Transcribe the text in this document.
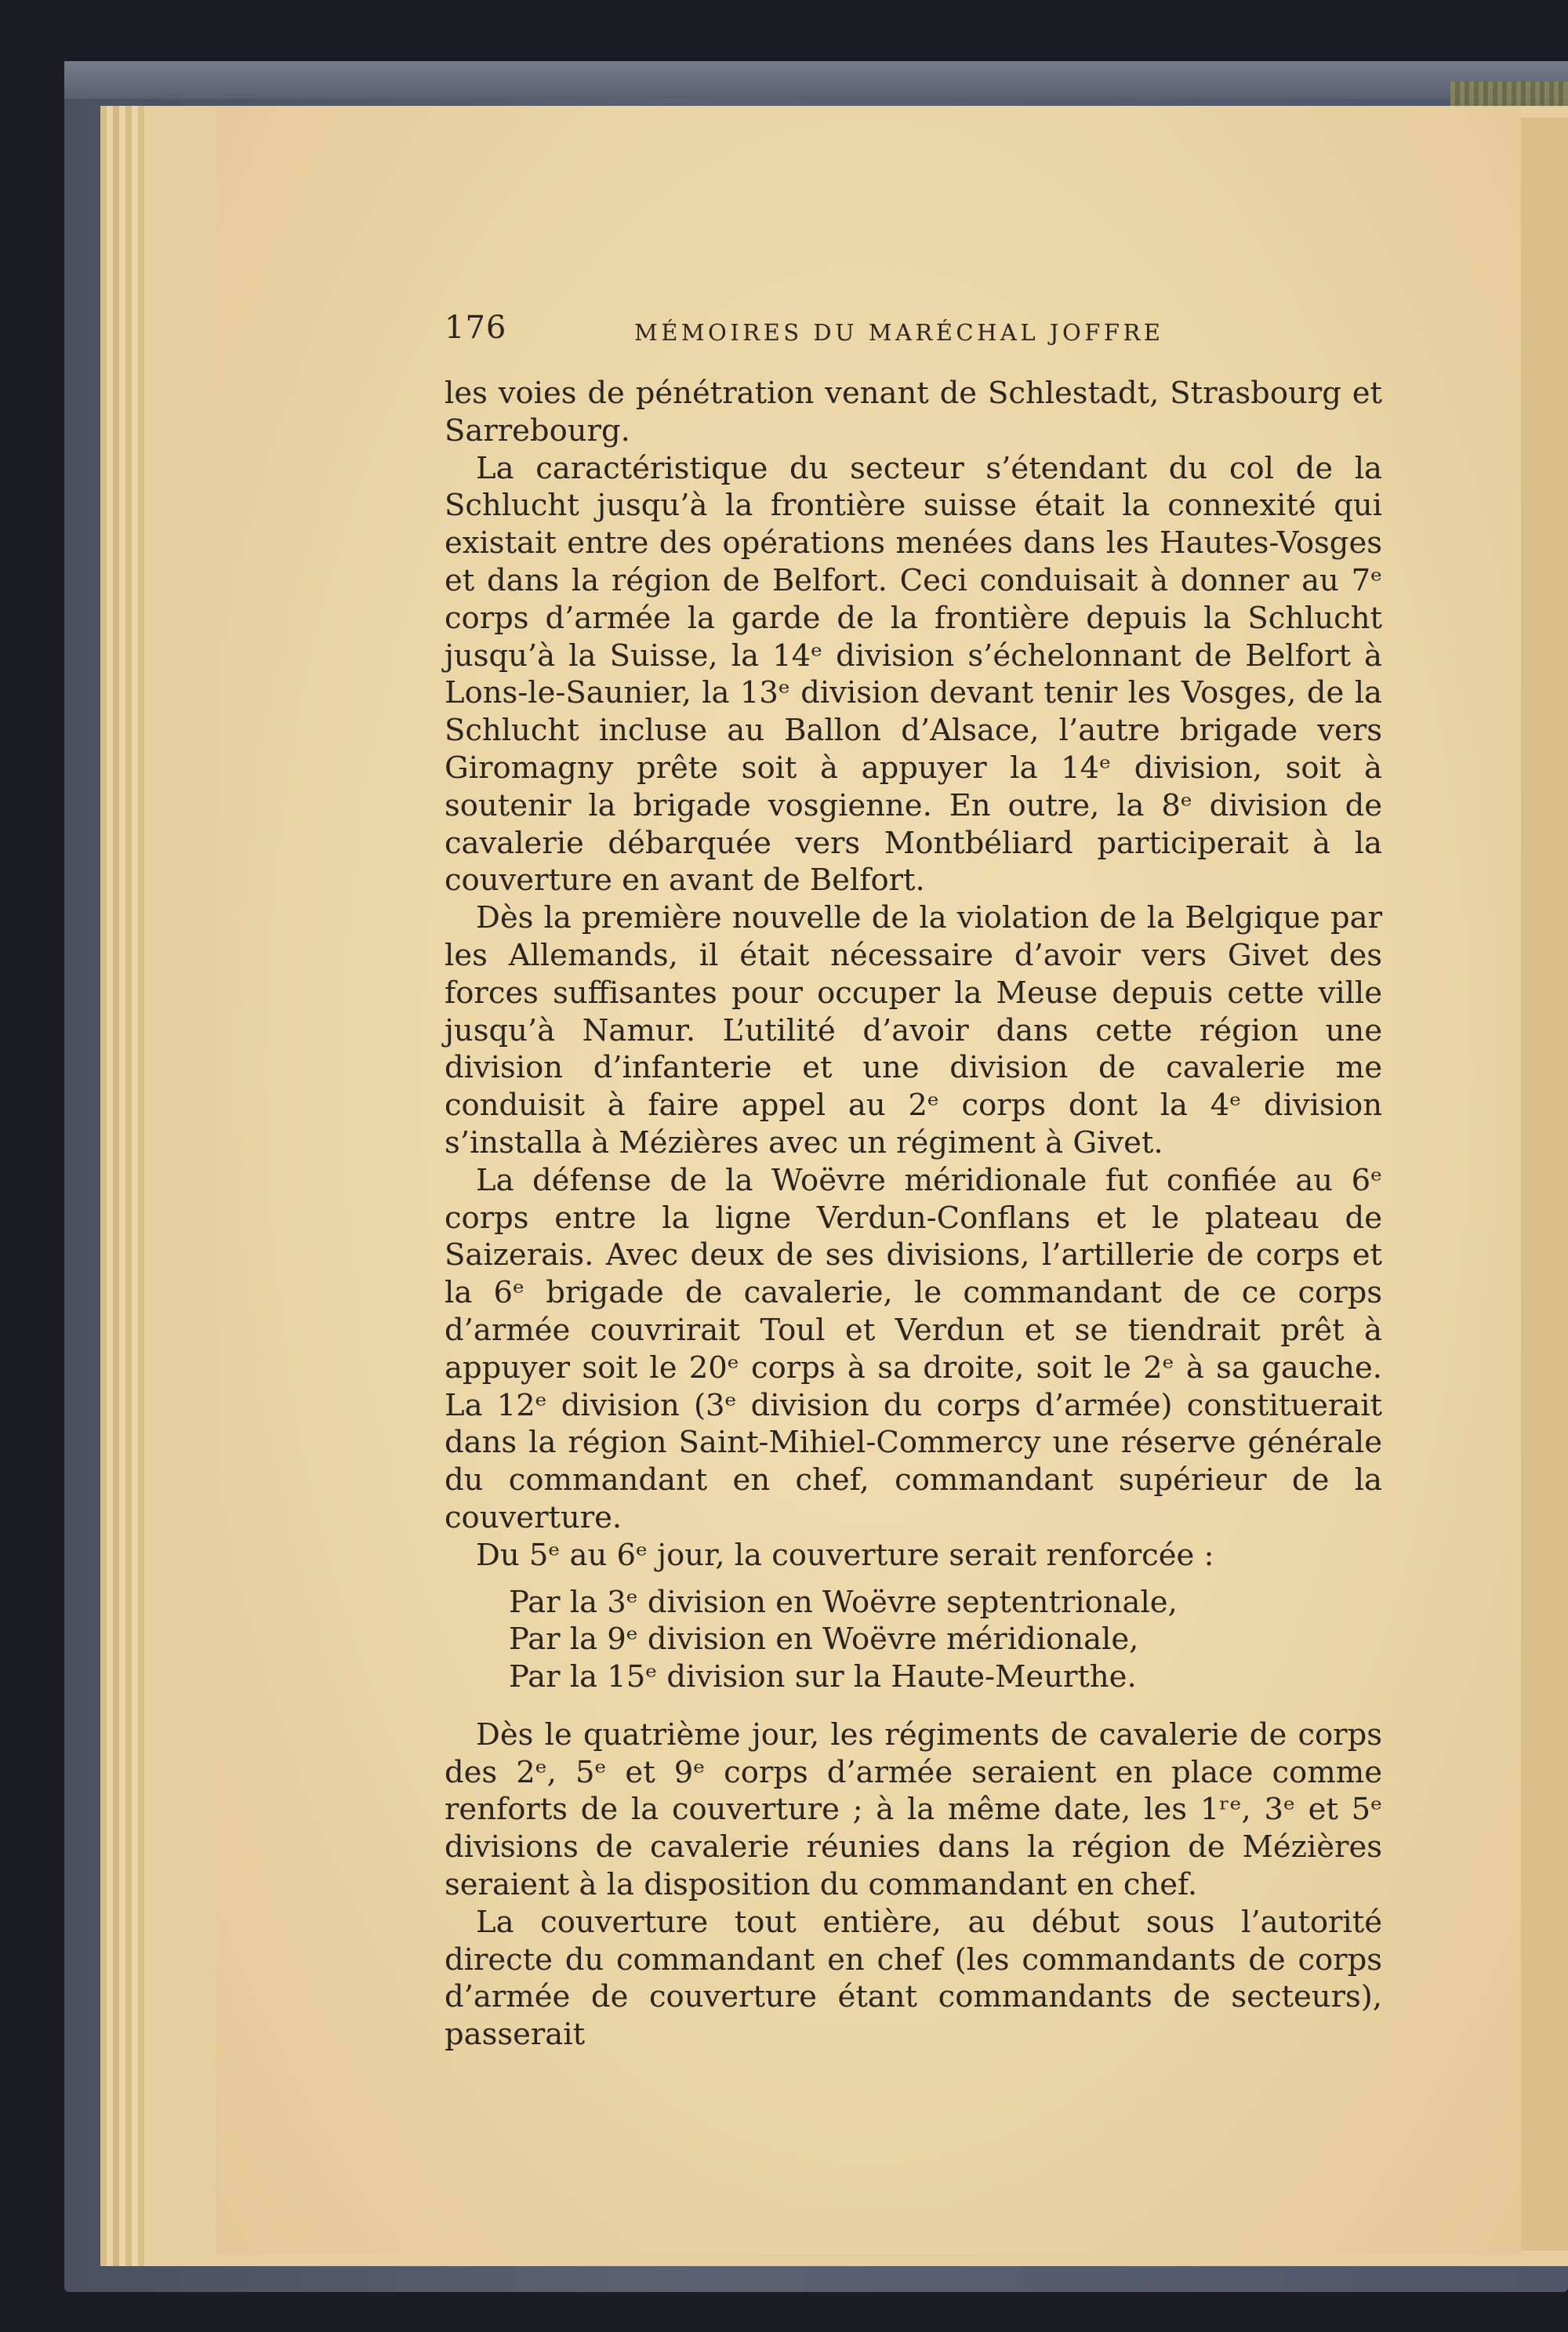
176	MÉMOIRES DU MARÉCHAL JOFFRE

les voies de pénétration venant de Schlestadt, Strasbourg et Sarrebourg.

La caractéristique du secteur s’étendant du col de la Schlucht jusqu’à la frontière suisse était la connexité qui existait entre des opérations menées dans les Hautes-Vosges et dans la région de Belfort. Ceci conduisait à donner au 7ᵉ corps d’armée la garde de la frontière depuis la Schlucht jusqu’à la Suisse, la 14ᵉ division s’échelonnant de Belfort à Lons-le-Saunier, la 13ᵉ division devant tenir les Vosges, de la Schlucht incluse au Ballon d’Alsace, l’autre brigade vers Giromagny prête soit à appuyer la 14ᵉ division, soit à soutenir la brigade vosgienne. En outre, la 8ᵉ division de cavalerie débarquée vers Montbéliard participerait à la couverture en avant de Belfort.

Dès la première nouvelle de la violation de la Belgique par les Allemands, il était nécessaire d’avoir vers Givet des forces suffisantes pour occuper la Meuse depuis cette ville jusqu’à Namur. L’utilité d’avoir dans cette région une division d’infanterie et une division de cavalerie me conduisit à faire appel au 2ᵉ corps dont la 4ᵉ division s’installa à Mézières avec un régiment à Givet.

La défense de la Woëvre méridionale fut confiée au 6ᵉ corps entre la ligne Verdun-Conflans et le plateau de Saizerais. Avec deux de ses divisions, l’artillerie de corps et la 6ᵉ brigade de cavalerie, le commandant de ce corps d’armée couvrirait Toul et Verdun et se tiendrait prêt à appuyer soit le 20ᵉ corps à sa droite, soit le 2ᵉ à sa gauche. La 12ᵉ division (3ᵉ division du corps d’armée) constituerait dans la région Saint-Mihiel-Commercy une réserve générale du commandant en chef, commandant supérieur de la couverture.

Du 5ᵉ au 6ᵉ jour, la couverture serait renforcée :

Par la 3ᵉ division en Woëvre septentrionale,

Par la 9ᵉ division en Woëvre méridionale,

Par la 15ᵉ division sur la Haute-Meurthe.

Dès le quatrième jour, les régiments de cavalerie de corps des 2ᵉ, 5ᵉ et 9ᵉ corps d’armée seraient en place comme renforts de la couverture ; à la même date, les 1ʳᵉ, 3ᵉ et 5ᵉ divisions de cavalerie réunies dans la région de Mézières seraient à la disposition du commandant en chef.

La couverture tout entière, au début sous l’autorité directe du commandant en chef (les commandants de corps d’armée de couverture étant commandants de secteurs), passerait
